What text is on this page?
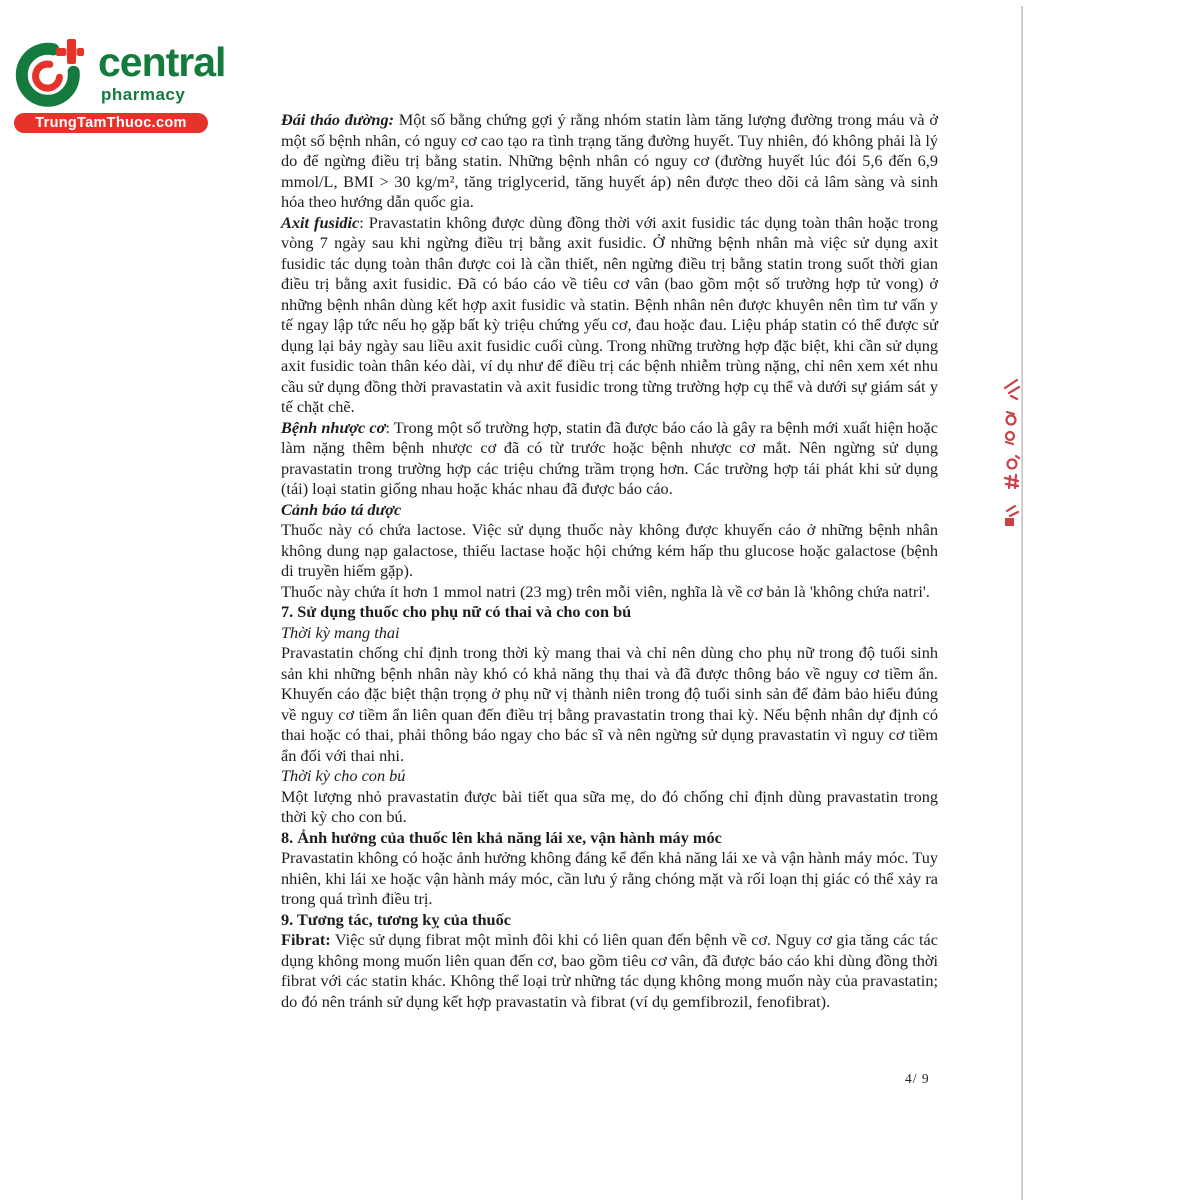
central
pharmacy
TrungTamThuoc.com	Đái tháo đường: Một số bằng chứng gợi ý rằng nhóm statin làm tăng lượng đường trong máu và ở một số bệnh nhân, có nguy cơ cao tạo ra tình trạng tăng đường huyết. Tuy nhiên, đó không phải là lý do để ngừng điều trị bằng statin. Những bệnh nhân có nguy cơ (đường huyết lúc đói 5,6 đến 6,9 mmol/L, BMI > 30 kg/m², tăng triglycerid, tăng huyết áp) nên được theo dõi cả lâm sàng và sinh hóa theo hướng dẫn quốc gia.

Axit fusidic: Pravastatin không được dùng đồng thời với axit fusidic tác dụng toàn thân hoặc trong vòng 7 ngày sau khi ngừng điều trị bằng axit fusidic. Ở những bệnh nhân mà việc sử dụng axit fusidic tác dụng toàn thân được coi là cần thiết, nên ngừng điều trị bằng statin trong suốt thời gian điều trị bằng axit fusidic. Đã có báo cáo về tiêu cơ vân (bao gồm một số trường hợp tử vong) ở những bệnh nhân dùng kết hợp axit fusidic và statin. Bệnh nhân nên được khuyên nên tìm tư vấn y tế ngay lập tức nếu họ gặp bất kỳ triệu chứng yếu cơ, đau hoặc đau. Liệu pháp statin có thể được sử dụng lại bảy ngày sau liều axit fusidic cuối cùng. Trong những trường hợp đặc biệt, khi cần sử dụng axit fusidic toàn thân kéo dài, ví dụ như để điều trị các bệnh nhiễm trùng nặng, chỉ nên xem xét nhu cầu sử dụng đồng thời pravastatin và axit fusidic trong từng trường hợp cụ thể và dưới sự giám sát y tế chặt chẽ.

Bệnh nhược cơ: Trong một số trường hợp, statin đã được báo cáo là gây ra bệnh mới xuất hiện hoặc làm nặng thêm bệnh nhược cơ đã có từ trước hoặc bệnh nhược cơ mắt. Nên ngừng sử dụng pravastatin trong trường hợp các triệu chứng trầm trọng hơn. Các trường hợp tái phát khi sử dụng (tái) loại statin giống nhau hoặc khác nhau đã được báo cáo.

Cảnh báo tá dược

Thuốc này có chứa lactose. Việc sử dụng thuốc này không được khuyến cáo ở những bệnh nhân không dung nạp galactose, thiếu lactase hoặc hội chứng kém hấp thu glucose hoặc galactose (bệnh di truyền hiếm gặp).

Thuốc này chứa ít hơn 1 mmol natri (23 mg) trên mỗi viên, nghĩa là về cơ bản là 'không chứa natri'.

7. Sử dụng thuốc cho phụ nữ có thai và cho con bú

Thời kỳ mang thai

Pravastatin chống chỉ định trong thời kỳ mang thai và chỉ nên dùng cho phụ nữ trong độ tuổi sinh sản khi những bệnh nhân này khó có khả năng thụ thai và đã được thông báo về nguy cơ tiềm ẩn. Khuyến cáo đặc biệt thận trọng ở phụ nữ vị thành niên trong độ tuổi sinh sản để đảm bảo hiểu đúng về nguy cơ tiềm ẩn liên quan đến điều trị bằng pravastatin trong thai kỳ. Nếu bệnh nhân dự định có thai hoặc có thai, phải thông báo ngay cho bác sĩ và nên ngừng sử dụng pravastatin vì nguy cơ tiềm ẩn đối với thai nhi.

Thời kỳ cho con bú

Một lượng nhỏ pravastatin được bài tiết qua sữa mẹ, do đó chống chỉ định dùng pravastatin trong thời kỳ cho con bú.

8. Ảnh hưởng của thuốc lên khả năng lái xe, vận hành máy móc

Pravastatin không có hoặc ảnh hưởng không đáng kể đến khả năng lái xe và vận hành máy móc. Tuy nhiên, khi lái xe hoặc vận hành máy móc, cần lưu ý rằng chóng mặt và rối loạn thị giác có thể xảy ra trong quá trình điều trị.

9. Tương tác, tương kỵ của thuốc

Fibrat: Việc sử dụng fibrat một mình đôi khi có liên quan đến bệnh về cơ. Nguy cơ gia tăng các tác dụng không mong muốn liên quan đến cơ, bao gồm tiêu cơ vân, đã được báo cáo khi dùng đồng thời fibrat với các statin khác. Không thể loại trừ những tác dụng không mong muốn này của pravastatin; do đó nên tránh sử dụng kết hợp pravastatin và fibrat (ví dụ gemfibrozil, fenofibrat).

4/ 9
